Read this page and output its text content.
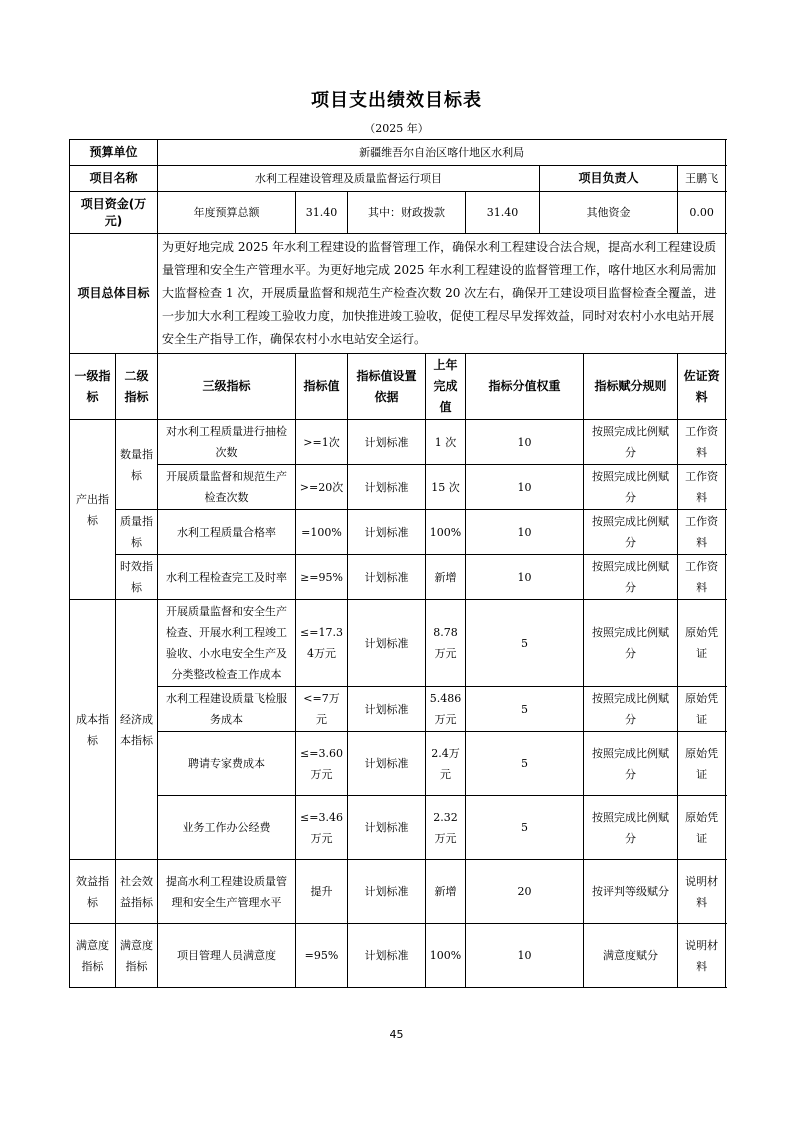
项目支出绩效目标表
（2025 年）
预算单位		新疆维吾尔自治区喀什地区水利局							
项目名称		水利工程建设管理及质量监督运行项目					项目负责人		王鹏飞
项目资金(万元)		年度预算总额	31.40	其中：财政拨款		31.40	其他资金		0.00
项目总体目标		为更好地完成 2025 年水利工程建设的监督管理工作，确保水利工程建设合法合规，提高水利工程建设质量管理和安全生产管理水平。为更好地完成 2025 年水利工程建设的监督管理工作，喀什地区水利局需加大监督检查 1 次，开展质量监督和规范生产检查次数 20 次左右，确保开工建设项目监督检查全覆盖，进一步加大水利工程竣工验收力度，加快推进竣工验收，促使工程尽早发挥效益，同时对农村小水电站开展安全生产指导工作，确保农村小水电站安全运行。							
一级指标	二级指标	三级指标	指标值	指标值设置依据	上年完成值	指标分值权重		指标赋分规则	佐证资料
产出指标	数量指标	对水利工程质量进行抽检次数	>=1次	计划标准	1 次	10		按照完成比例赋分	工作资料
		开展质量监督和规范生产检查次数	>=20次	计划标准	15 次	10		按照完成比例赋分	工作资料
	质量指标	水利工程质量合格率	=100%	计划标准	100%	10		按照完成比例赋分	工作资料
	时效指标	水利工程检查完工及时率	≥=95%	计划标准	新增	10		按照完成比例赋分	工作资料
成本指标	经济成本指标	开展质量监督和安全生产检查、开展水利工程竣工验收、小水电安全生产及分类整改检查工作成本	≤=17.34万元	计划标准	8.78万元	5		按照完成比例赋分	原始凭证
		水利工程建设质量飞检服务成本	<=7万元	计划标准	5.486万元	5		按照完成比例赋分	原始凭证
		聘请专家费成本	≤=3.60万元	计划标准	2.4万元	5		按照完成比例赋分	原始凭证
		业务工作办公经费	≤=3.46万元	计划标准	2.32万元	5		按照完成比例赋分	原始凭证
效益指标	社会效益指标	提高水利工程建设质量管理和安全生产管理水平	提升	计划标准	新增	20		按评判等级赋分	说明材料
满意度指标	满意度指标	项目管理人员满意度	=95%	计划标准	100%	10		满意度赋分	说明材料
45
